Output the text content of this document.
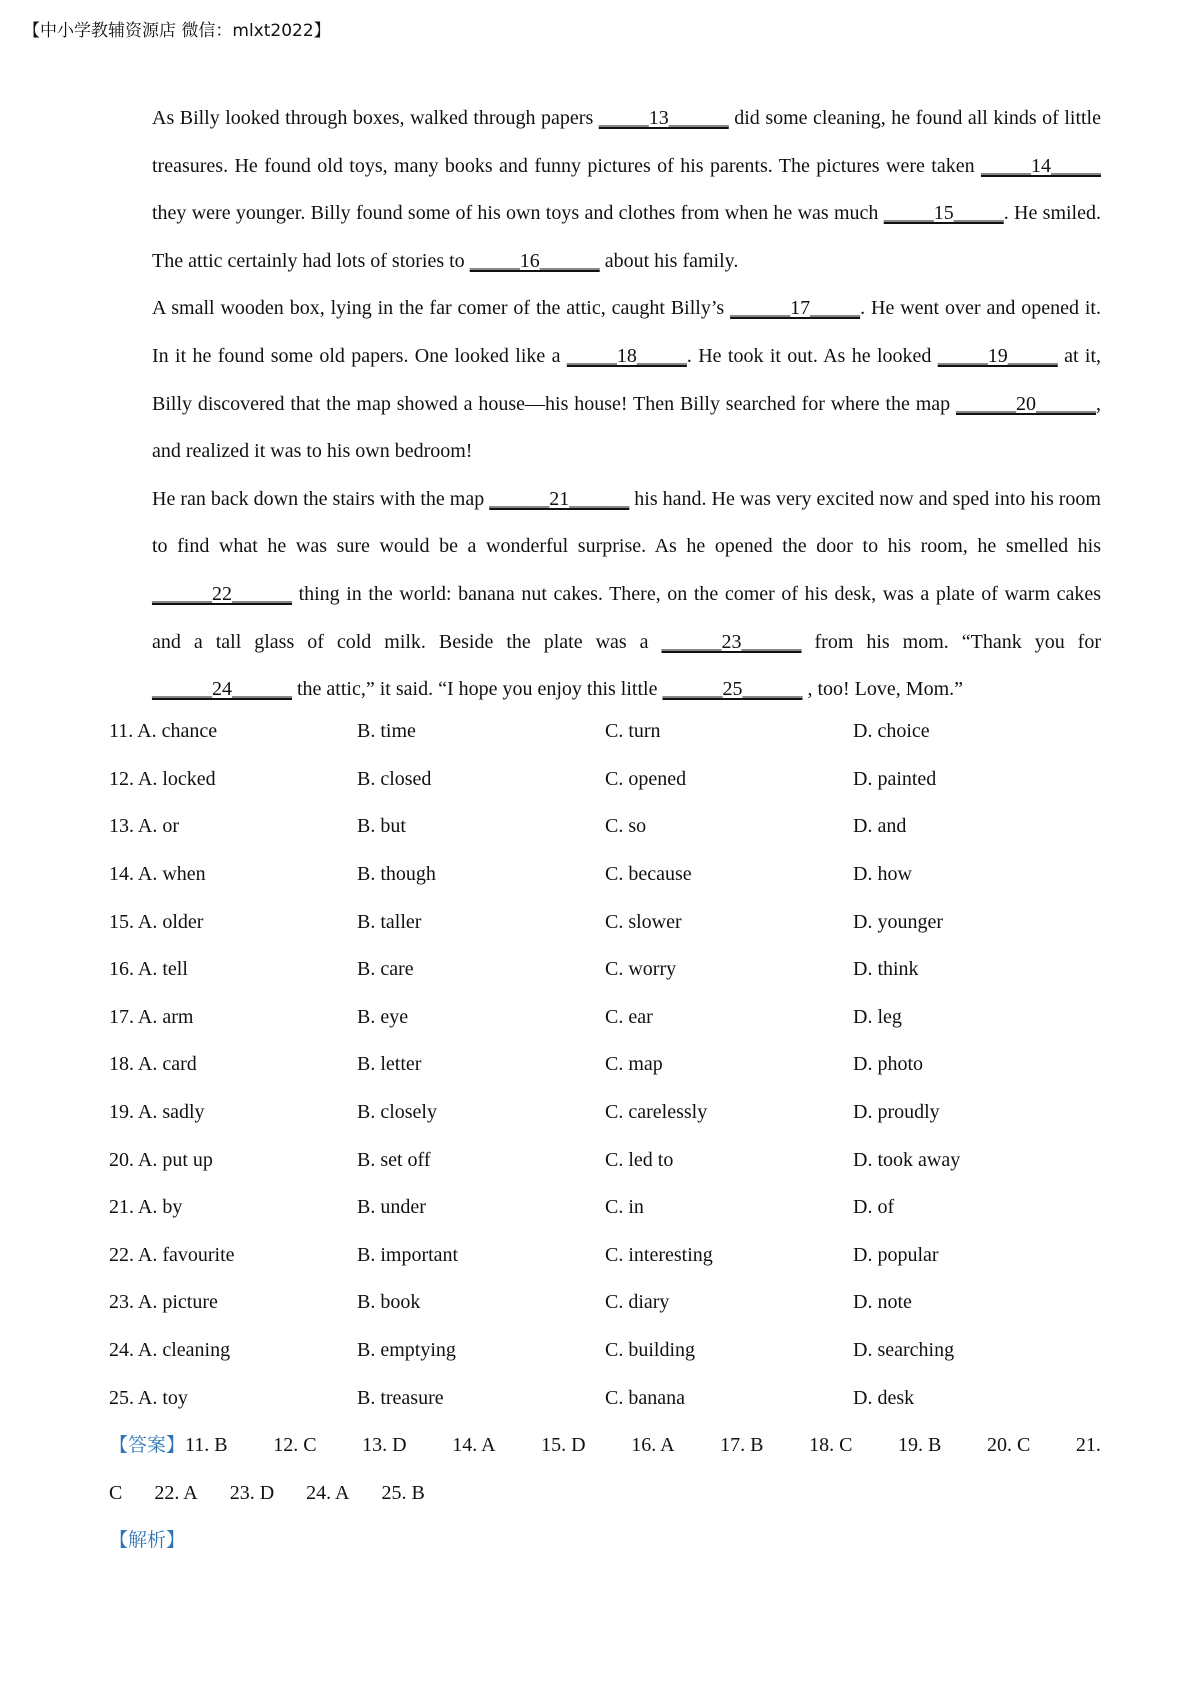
【中小学教辅资源店 微信：mlxt2022】

As Billy looked through boxes, walked through papers _____13______ did some cleaning, he found all kinds of little treasures. He found old toys, many books and funny pictures of his parents. The pictures were taken _____14_____ they were younger. Billy found some of his own toys and clothes from when he was much _____15_____. He smiled. The attic certainly had lots of stories to _____16______ about his family.

A small wooden box, lying in the far comer of the attic, caught Billy’s ______17_____. He went over and opened it. In it he found some old papers. One looked like a _____18_____. He took it out. As he looked _____19_____ at it, Billy discovered that the map showed a house—his house! Then Billy searched for where the map ______20______, and realized it was to his own bedroom!

He ran back down the stairs with the map ______21______ his hand. He was very excited now and sped into his room to find what he was sure would be a wonderful surprise. As he opened the door to his room, he smelled his ______22______ thing in the world: banana nut cakes. There, on the comer of his desk, was a plate of warm cakes and a tall glass of cold milk. Beside the plate was a ______23______ from his mom. “Thank you for ______24______ the attic,” it said. “I hope you enjoy this little ______25______ , too! Love, Mom.”

11. A. chance	B. time	C. turn	D. choice
12. A. locked	B. closed	C. opened	D. painted
13. A. or	B. but	C. so	D. and
14. A. when	B. though	C. because	D. how
15. A. older	B. taller	C. slower	D. younger
16. A. tell	B. care	C. worry	D. think
17. A. arm	B. eye	C. ear	D. leg
18. A. card	B. letter	C. map	D. photo
19. A. sadly	B. closely	C. carelessly	D. proudly
20. A. put up	B. set off	C. led to	D. took away
21. A. by	B. under	C. in	D. of
22. A. favourite	B. important	C. interesting	D. popular
23. A. picture	B. book	C. diary	D. note
24. A. cleaning	B. emptying	C. building	D. searching
25. A. toy	B. treasure	C. banana	D. desk
【答案】11. B 12. C 13. D 14. A 15. D 16. A 17. B 18. C 19. B 20. C 21.
C 22. A 23. D 24. A 25. B
【解析】
